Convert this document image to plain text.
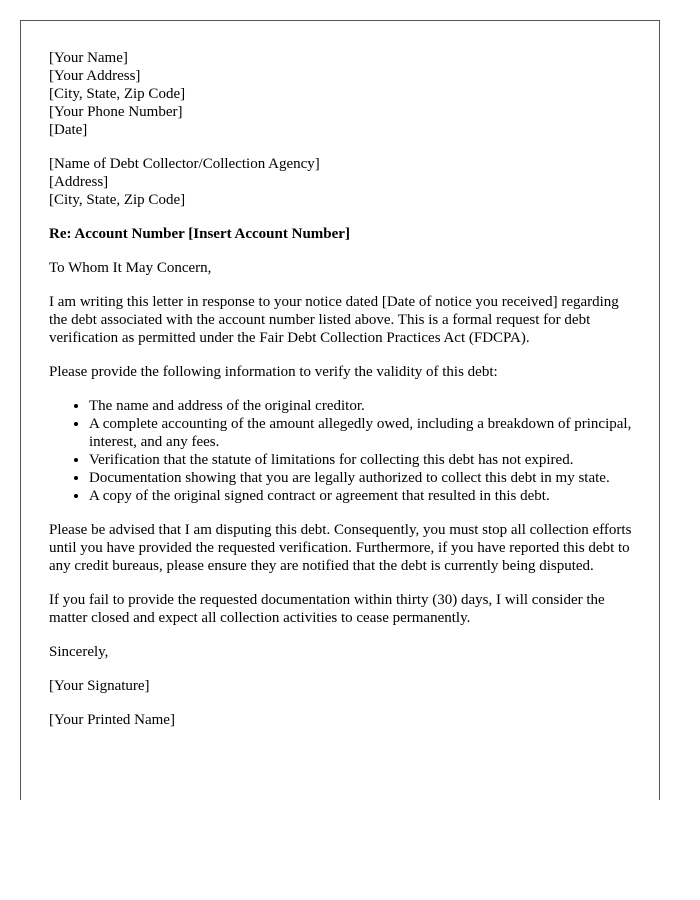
[Your Name]
[Your Address]
[City, State, Zip Code]
[Your Phone Number]
[Date]
[Name of Debt Collector/Collection Agency]
[Address]
[City, State, Zip Code]
Re: Account Number [Insert Account Number]

To Whom It May Concern,

I am writing this letter in response to your notice dated [Date of notice you received] regarding the debt associated with the account number listed above. This is a formal request for debt verification as permitted under the Fair Debt Collection Practices Act (FDCPA).

Please provide the following information to verify the validity of this debt:

• The name and address of the original creditor.
• A complete accounting of the amount allegedly owed, including a breakdown of principal, interest, and any fees.
• Verification that the statute of limitations for collecting this debt has not expired.
• Documentation showing that you are legally authorized to collect this debt in my state.
• A copy of the original signed contract or agreement that resulted in this debt.

Please be advised that I am disputing this debt. Consequently, you must stop all collection efforts until you have provided the requested verification. Furthermore, if you have reported this debt to any credit bureaus, please ensure they are notified that the debt is currently being disputed.

If you fail to provide the requested documentation within thirty (30) days, I will consider the matter closed and expect all collection activities to cease permanently.

Sincerely,

[Your Signature]

[Your Printed Name]
